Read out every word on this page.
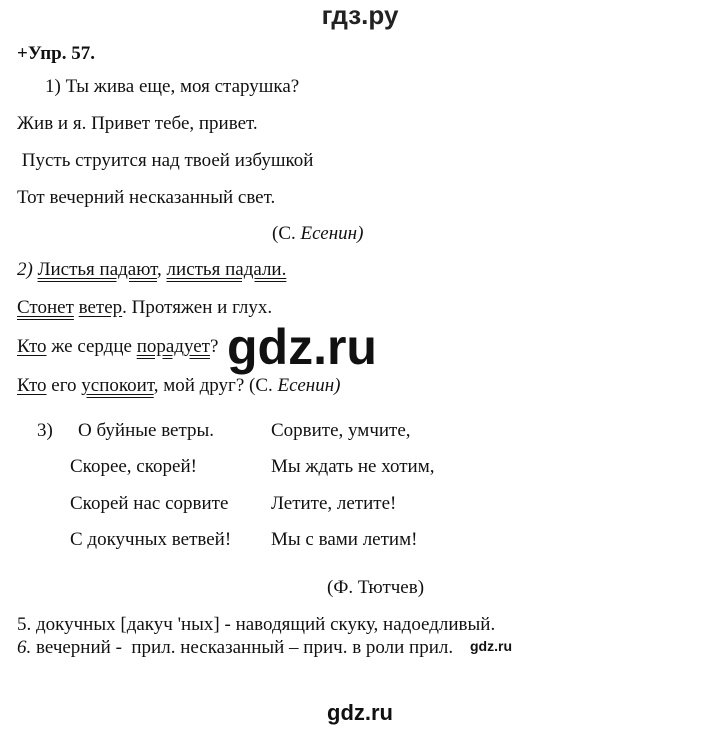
гдз.ру
+Упр. 57.
1) Ты жива еще, моя старушка?
Жив и я. Привет тебе, привет.
Пусть струится над твоей избушкой
Тот вечерний несказанный свет.
(С. Есенин)
2) Листья падают, листья падали.
Стонет ветер. Протяжен и глух.
Кто же сердце порадует?
Кто его успокоит, мой друг? (С. Есенин)
3) О буйные ветры.
Скорее, скорей!
Скорей нас сорвите
С докучных ветвей!
Сорвите, умчите,
Мы ждать не хотим,
Летите, летите!
Мы с вами летим!
(Ф. Тютчев)
5. докучных [дакуч 'ных] - наводящий скуку, надоедливый.
6. вечерний -  прил. несказанный – прич. в роли прил.
gdz.ru
gdz.ru
gdz.ru
